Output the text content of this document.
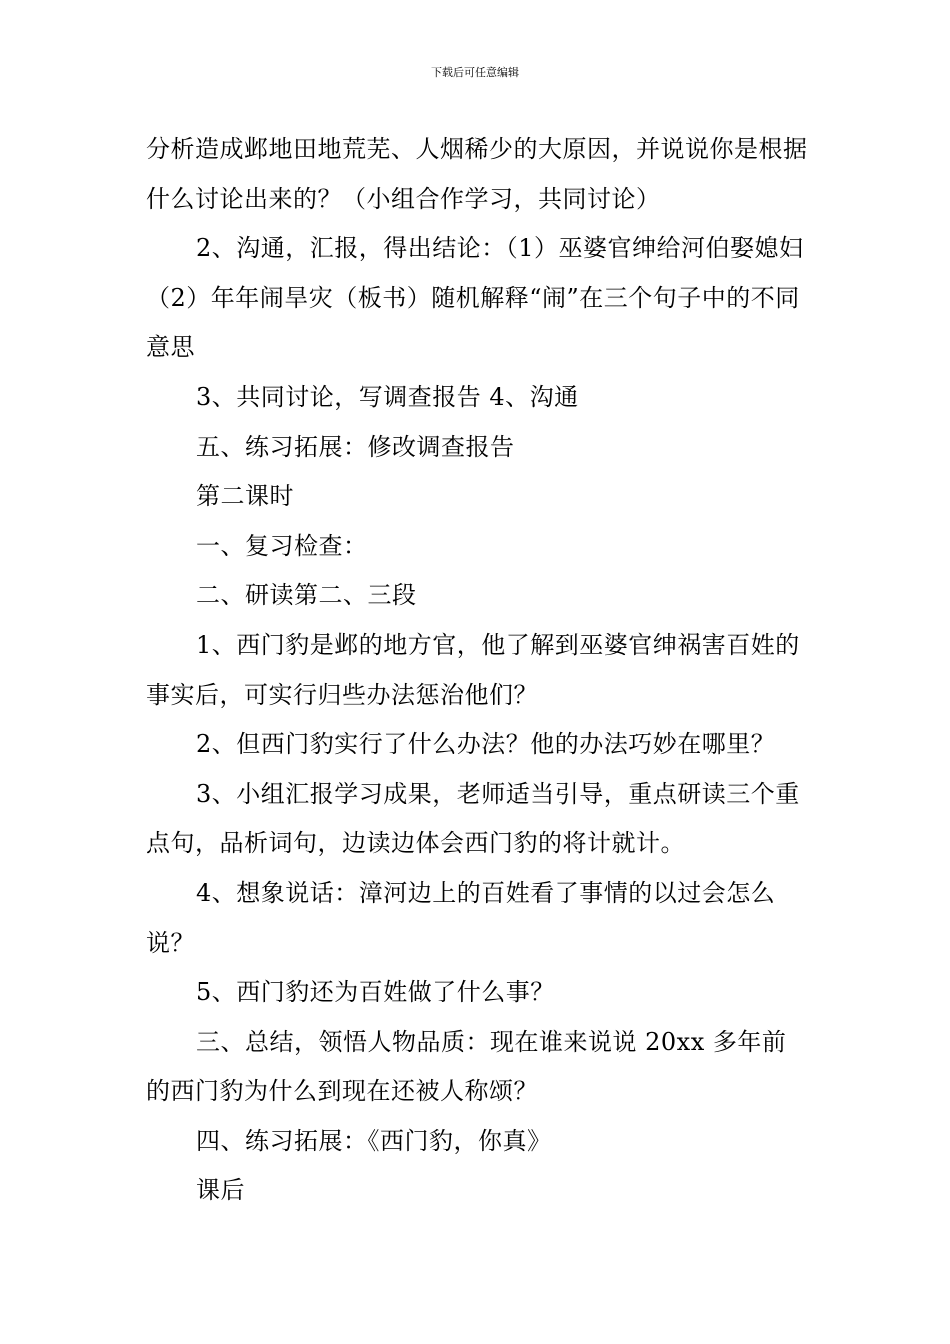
下载后可任意编辑

分析造成邺地田地荒芜、人烟稀少的大原因，并说说你是根据什么讨论出来的？（小组合作学习，共同讨论）

2、沟通，汇报，得出结论：（1）巫婆官绅给河伯娶媳妇（2）年年闹旱灾（板书）随机解释“闹”在三个句子中的不同意思

3、共同讨论，写调查报告 4、沟通

五、练习拓展：修改调查报告

第二课时

一、复习检查：

二、研读第二、三段

1、西门豹是邺的地方官，他了解到巫婆官绅祸害百姓的事实后，可实行归些办法惩治他们？

2、但西门豹实行了什么办法？他的办法巧妙在哪里？

3、小组汇报学习成果，老师适当引导，重点研读三个重点句，品析词句，边读边体会西门豹的将计就计。

4、想象说话：漳河边上的百姓看了事情的以过会怎么说？

5、西门豹还为百姓做了什么事？

三、总结，领悟人物品质：现在谁来说说 20xx 多年前的西门豹为什么到现在还被人称颂？

四、练习拓展：《西门豹，你真》

课后
